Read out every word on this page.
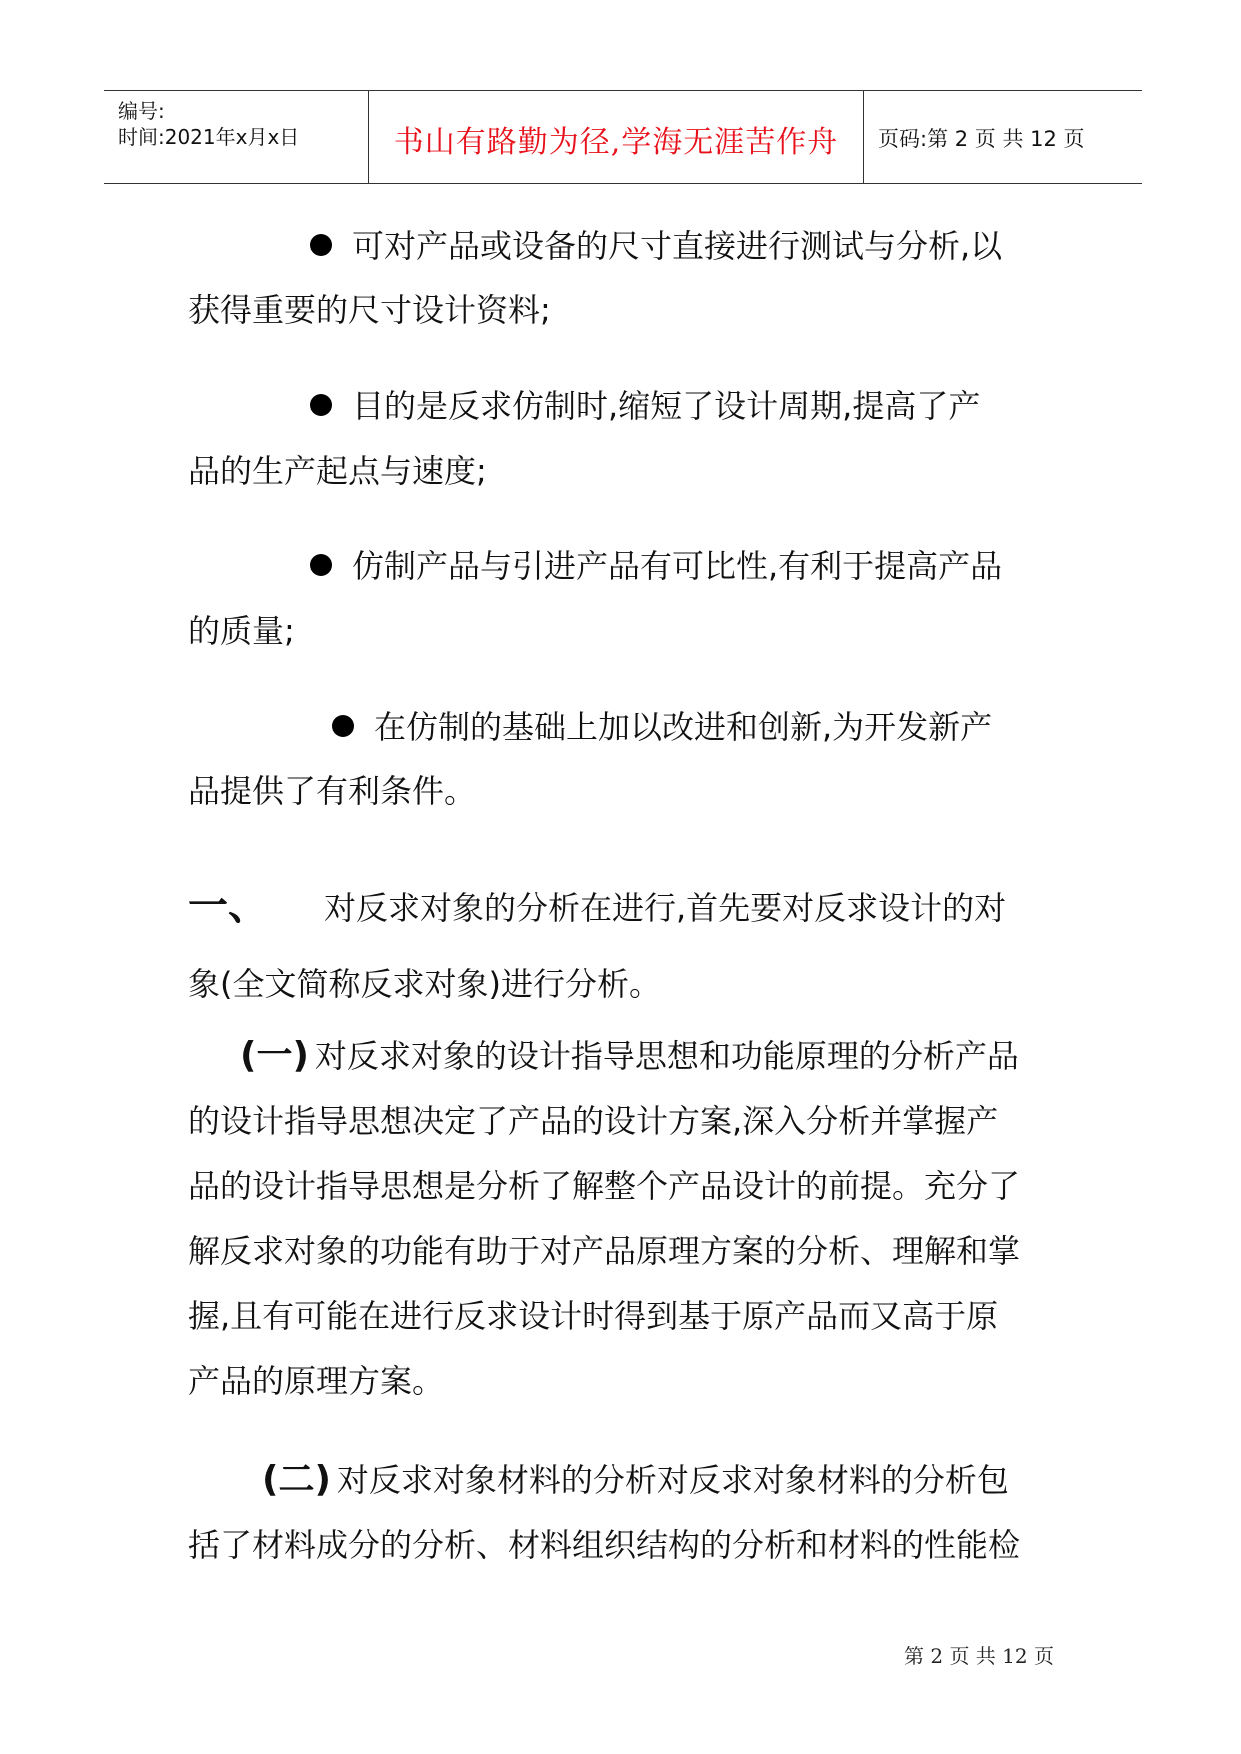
编号:
时间:2021年x月x日	书山有路勤为径,学海无涯苦作舟	页码:第 2 页 共 12 页
可对产品或设备的尺寸直接进行测试与分析,以
获得重要的尺寸设计资料;
目的是反求仿制时,缩短了设计周期,提高了产
品的生产起点与速度;
仿制产品与引进产品有可比性,有利于提高产品
的质量;
在仿制的基础上加以改进和创新,为开发新产
品提供了有利条件。
一、 对反求对象的分析在进行,首先要对反求设计的对
象(全文简称反求对象)进行分析。
(一) 对反求对象的设计指导思想和功能原理的分析产品
的设计指导思想决定了产品的设计方案,深入分析并掌握产
品的设计指导思想是分析了解整个产品设计的前提。充分了
解反求对象的功能有助于对产品原理方案的分析、理解和掌
握,且有可能在进行反求设计时得到基于原产品而又高于原
产品的原理方案。
(二) 对反求对象材料的分析对反求对象材料的分析包
括了材料成分的分析、材料组织结构的分析和材料的性能检
第 2 页 共 12 页
